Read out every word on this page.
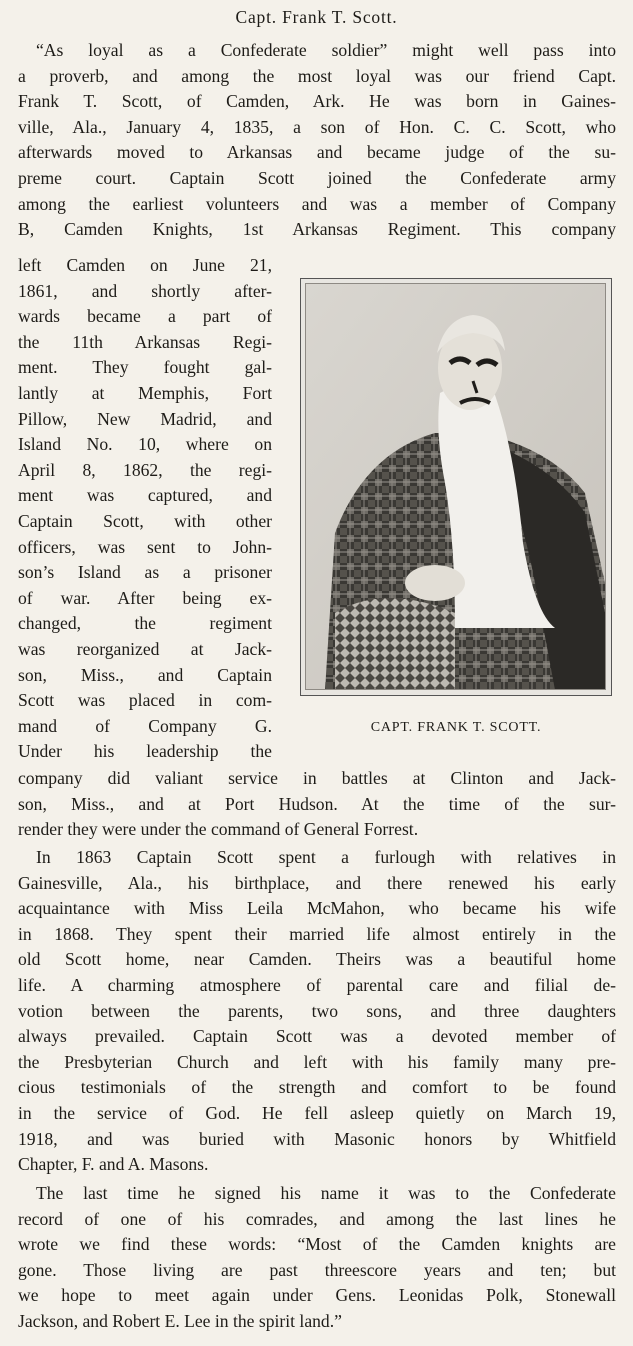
Capt. Frank T. Scott.
“As loyal as a Confederate soldier” might well pass into
a proverb, and among the most loyal was our friend Capt.
Frank T. Scott, of Camden, Ark. He was born in Gaines-
ville, Ala., January 4, 1835, a son of Hon. C. C. Scott, who
afterwards moved to Arkansas and became judge of the su-
preme court. Captain Scott joined the Confederate army
among the earliest volunteers and was a member of Company
B, Camden Knights, 1st Arkansas Regiment. This company
left Camden on June 21,
1861, and shortly after-
wards became a part of
the 11th Arkansas Regi-
ment. They fought gal-
lantly at Memphis, Fort
Pillow, New Madrid, and
Island No. 10, where on
April 8, 1862, the regi-
ment was captured, and
Captain Scott, with other
officers, was sent to John-
son’s Island as a prisoner
of war. After being ex-
changed, the regiment
was reorganized at Jack-
son, Miss., and Captain
Scott was placed in com-
mand of Company G.
Under his leadership the
CAPT. FRANK T. SCOTT.
company did valiant service in battles at Clinton and Jack-
son, Miss., and at Port Hudson. At the time of the sur-
render they were under the command of General Forrest.
In 1863 Captain Scott spent a furlough with relatives in
Gainesville, Ala., his birthplace, and there renewed his early
acquaintance with Miss Leila McMahon, who became his wife
in 1868. They spent their married life almost entirely in the
old Scott home, near Camden. Theirs was a beautiful home
life. A charming atmosphere of parental care and filial de-
votion between the parents, two sons, and three daughters
always prevailed. Captain Scott was a devoted member of
the Presbyterian Church and left with his family many pre-
cious testimonials of the strength and comfort to be found
in the service of God. He fell asleep quietly on March 19,
1918, and was buried with Masonic honors by Whitfield
Chapter, F. and A. Masons.
The last time he signed his name it was to the Confederate
record of one of his comrades, and among the last lines he
wrote we find these words: “Most of the Camden knights are
gone. Those living are past threescore years and ten; but
we hope to meet again under Gens. Leonidas Polk, Stonewall
Jackson, and Robert E. Lee in the spirit land.”
